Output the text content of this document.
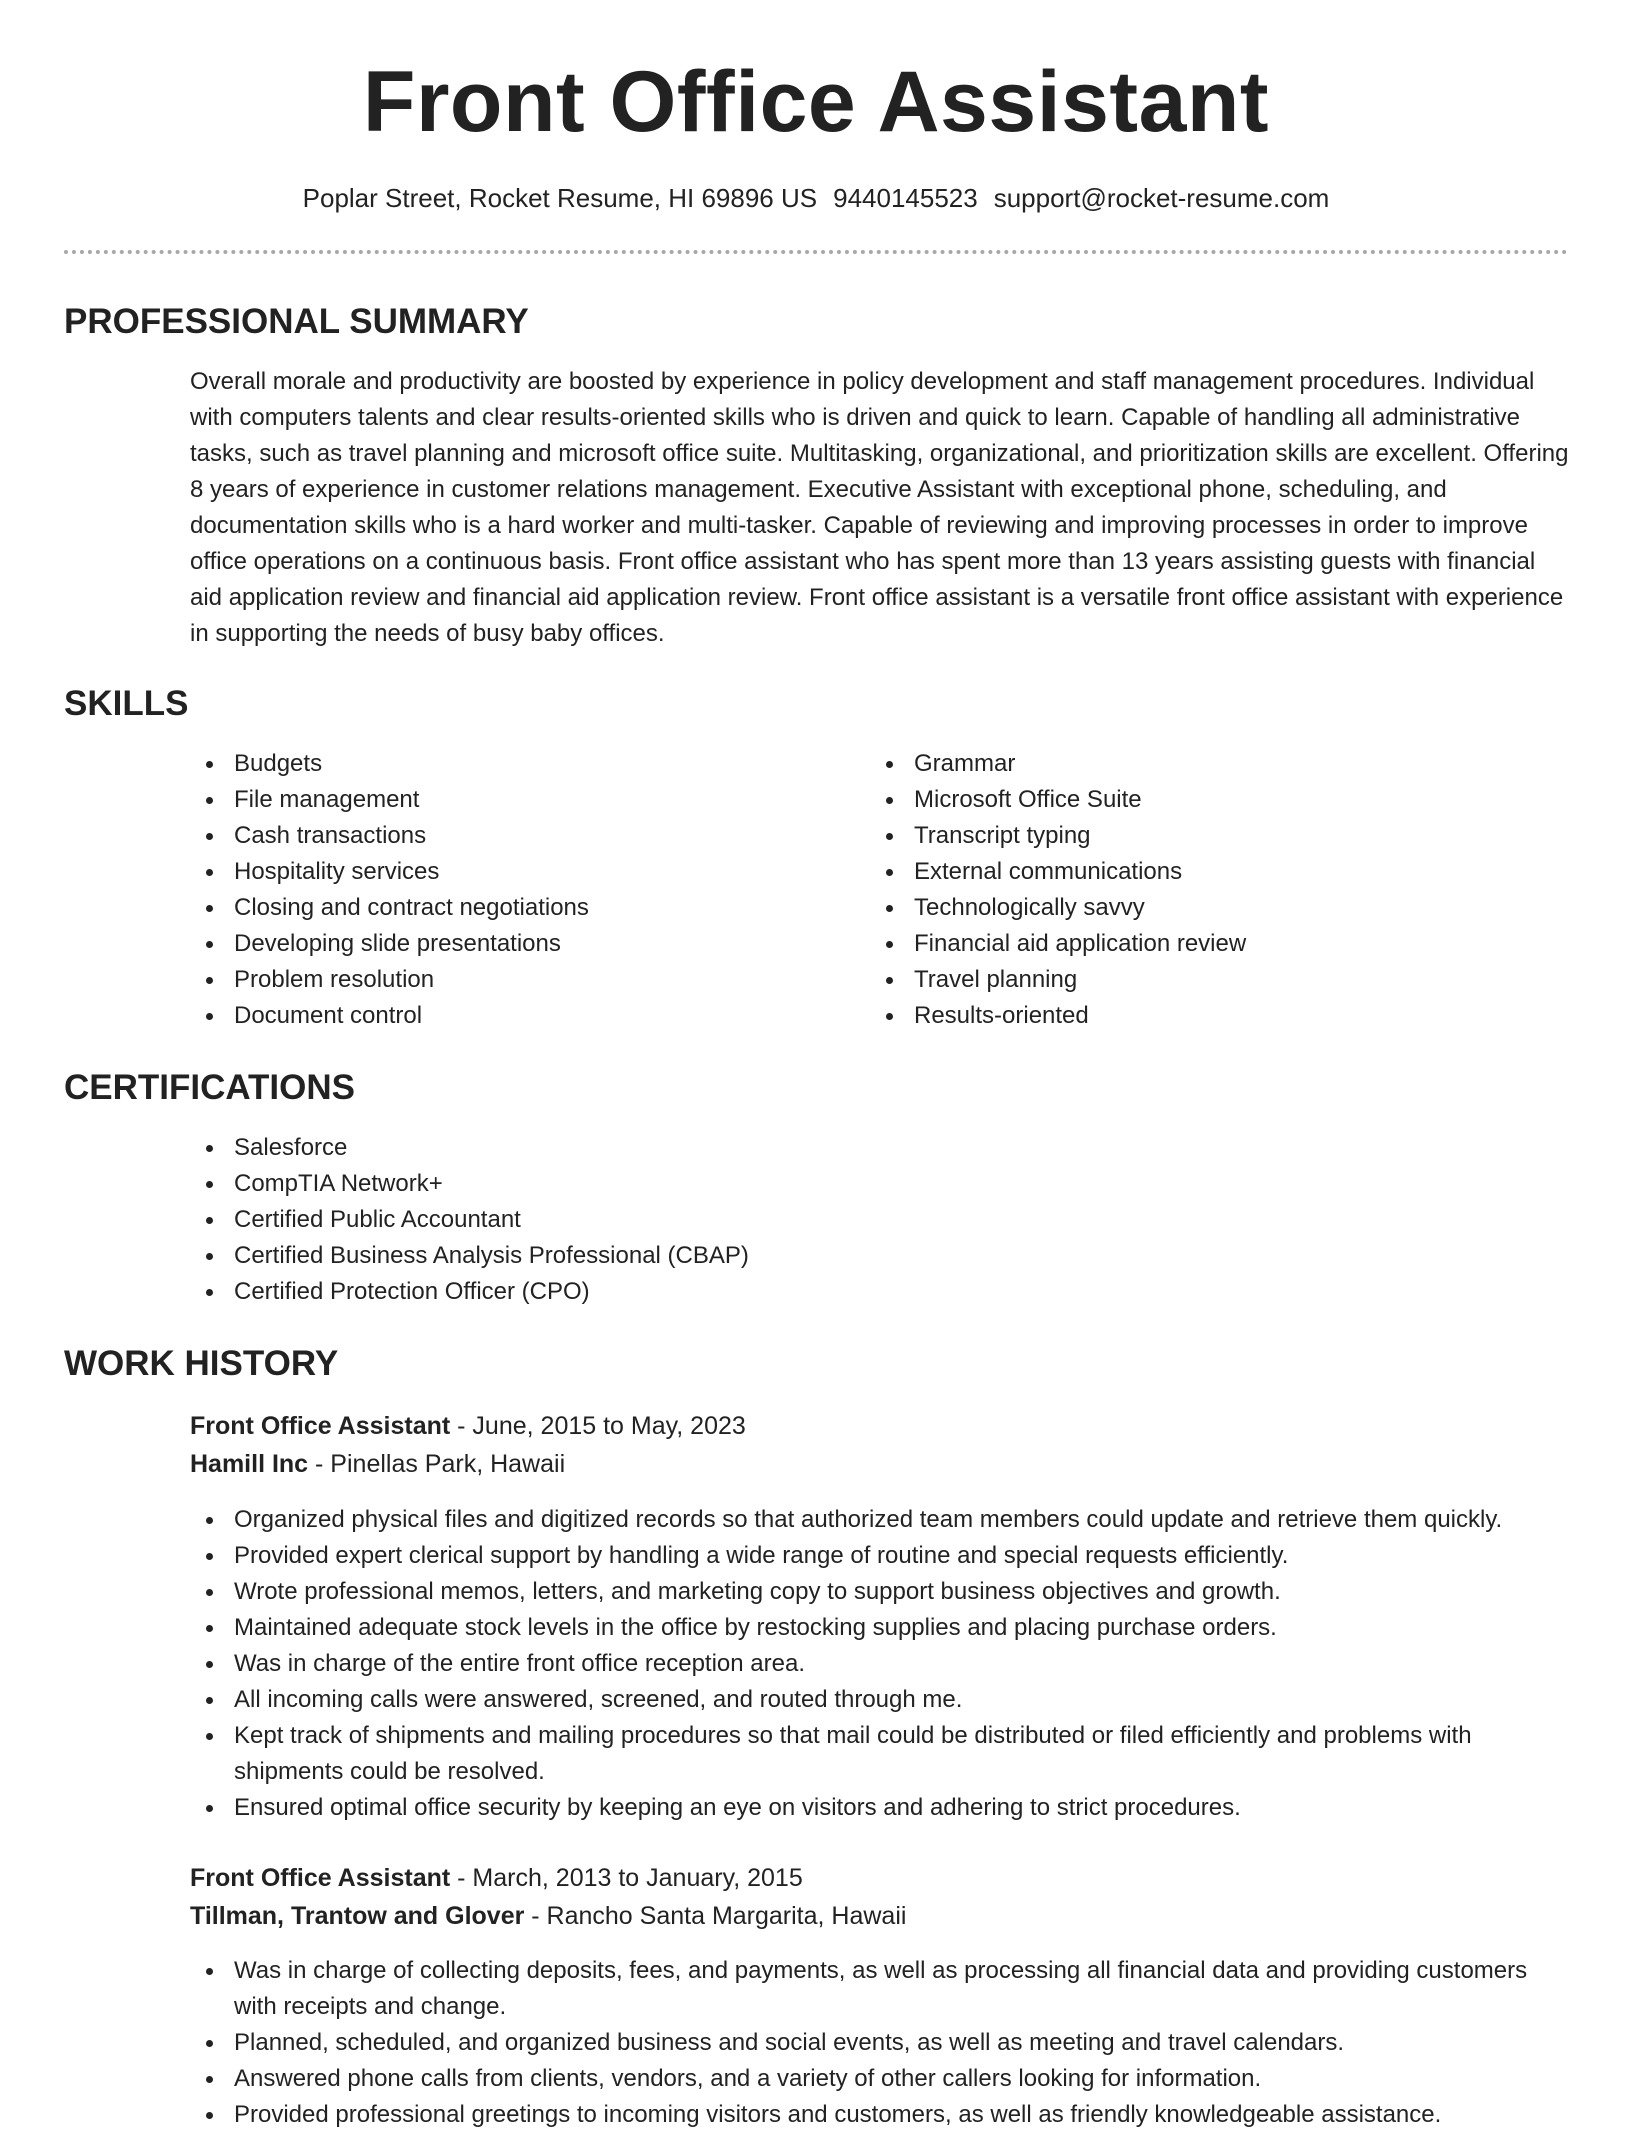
Front Office Assistant
Poplar Street, Rocket Resume, HI 69896 US 9440145523 support@rocket-resume.com
PROFESSIONAL SUMMARY

Overall morale and productivity are boosted by experience in policy development and staff management procedures. Individual with computers talents and clear results-oriented skills who is driven and quick to learn. Capable of handling all administrative tasks, such as travel planning and microsoft office suite. Multitasking, organizational, and prioritization skills are excellent. Offering 8 years of experience in customer relations management. Executive Assistant with exceptional phone, scheduling, and documentation skills who is a hard worker and multi-tasker. Capable of reviewing and improving processes in order to improve office operations on a continuous basis. Front office assistant who has spent more than 13 years assisting guests with financial aid application review and financial aid application review. Front office assistant is a versatile front office assistant with experience in supporting the needs of busy baby offices.

SKILLS
Budgets
File management
Cash transactions
Hospitality services
Closing and contract negotiations
Developing slide presentations
Problem resolution
Document control
Grammar
Microsoft Office Suite
Transcript typing
External communications
Technologically savvy
Financial aid application review
Travel planning
Results-oriented
CERTIFICATIONS
Salesforce
CompTIA Network+
Certified Public Accountant
Certified Business Analysis Professional (CBAP)
Certified Protection Officer (CPO)
WORK HISTORY
Front Office Assistant - June, 2015 to May, 2023
Hamill Inc - Pinellas Park, Hawaii
Organized physical files and digitized records so that authorized team members could update and retrieve them quickly.
Provided expert clerical support by handling a wide range of routine and special requests efficiently.
Wrote professional memos, letters, and marketing copy to support business objectives and growth.
Maintained adequate stock levels in the office by restocking supplies and placing purchase orders.
Was in charge of the entire front office reception area.
All incoming calls were answered, screened, and routed through me.
Kept track of shipments and mailing procedures so that mail could be distributed or filed efficiently and problems with shipments could be resolved.
Ensured optimal office security by keeping an eye on visitors and adhering to strict procedures.
Front Office Assistant - March, 2013 to January, 2015
Tillman, Trantow and Glover - Rancho Santa Margarita, Hawaii
Was in charge of collecting deposits, fees, and payments, as well as processing all financial data and providing customers with receipts and change.
Planned, scheduled, and organized business and social events, as well as meeting and travel calendars.
Answered phone calls from clients, vendors, and a variety of other callers looking for information.
Provided professional greetings to incoming visitors and customers, as well as friendly knowledgeable assistance.
